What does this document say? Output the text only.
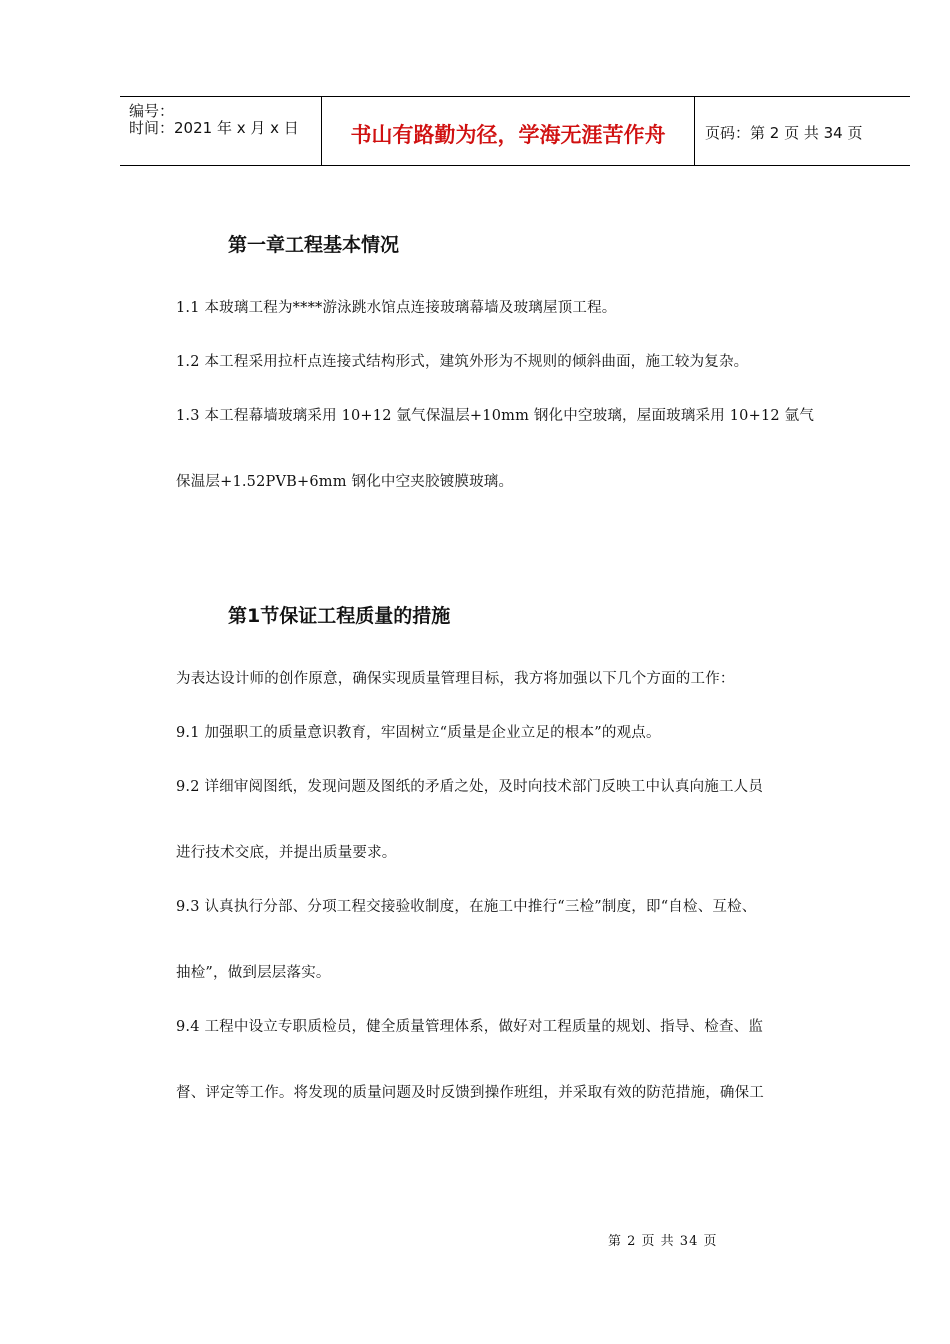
编号：
时间：2021 年 x 月 x 日	书山有路勤为径，学海无涯苦作舟	页码：第 2 页 共 34 页
第一章工程基本情况
1.1 本玻璃工程为****游泳跳水馆点连接玻璃幕墙及玻璃屋顶工程。
1.2 本工程采用拉杆点连接式结构形式，建筑外形为不规则的倾斜曲面，施工较为复杂。
1.3 本工程幕墙玻璃采用 10+12 氩气保温层+10mm 钢化中空玻璃，屋面玻璃采用 10+12 氩气
保温层+1.52PVB+6mm 钢化中空夹胶镀膜玻璃。
第1节保证工程质量的措施
为表达设计师的创作原意，确保实现质量管理目标，我方将加强以下几个方面的工作：
9.1 加强职工的质量意识教育，牢固树立“质量是企业立足的根本”的观点。
9.2 详细审阅图纸，发现问题及图纸的矛盾之处，及时向技术部门反映工中认真向施工人员
进行技术交底，并提出质量要求。
9.3 认真执行分部、分项工程交接验收制度，在施工中推行“三检”制度，即“自检、互检、
抽检”，做到层层落实。
9.4 工程中设立专职质检员，健全质量管理体系，做好对工程质量的规划、指导、检查、监
督、评定等工作。将发现的质量问题及时反馈到操作班组，并采取有效的防范措施，确保工
第 2 页 共 34 页
